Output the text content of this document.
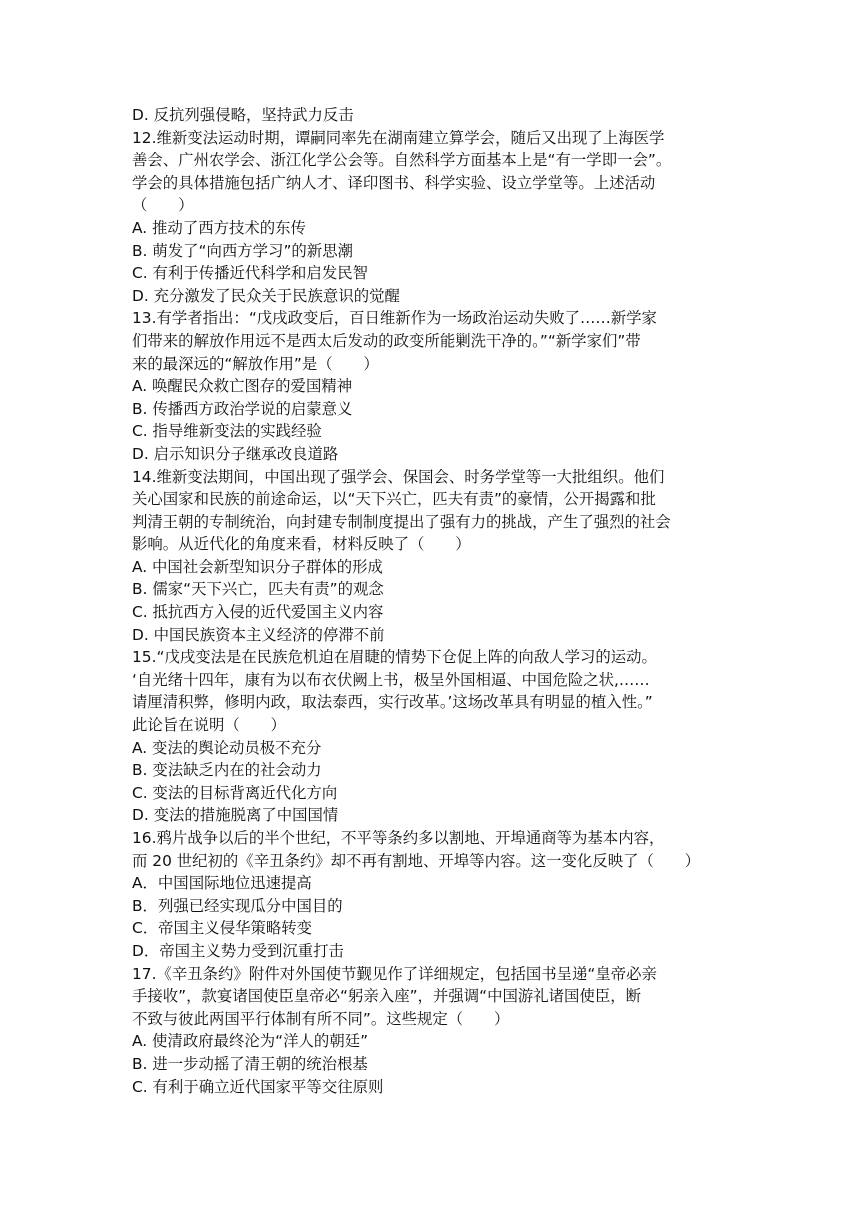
D. 反抗列强侵略，坚持武力反击
12.维新变法运动时期，谭嗣同率先在湖南建立算学会，随后又出现了上海医学
善会、广州农学会、浙江化学公会等。自然科学方面基本上是“有一学即一会”。
学会的具体措施包括广纳人才、译印图书、科学实验、设立学堂等。上述活动
（　　）
A. 推动了西方技术的东传
B. 萌发了“向西方学习”的新思潮
C. 有利于传播近代科学和启发民智
D. 充分激发了民众关于民族意识的觉醒
13.有学者指出：“戊戌政变后，百日维新作为一场政治运动失败了……新学家
们带来的解放作用远不是西太后发动的政变所能剿洗干净的。”“新学家们”带
来的最深远的“解放作用”是（　　）
A. 唤醒民众救亡图存的爱国精神
B. 传播西方政治学说的启蒙意义
C. 指导维新变法的实践经验
D. 启示知识分子继承改良道路
14.维新变法期间，中国出现了强学会、保国会、时务学堂等一大批组织。他们
关心国家和民族的前途命运，以“天下兴亡，匹夫有责”的豪情，公开揭露和批
判清王朝的专制统治，向封建专制制度提出了强有力的挑战，产生了强烈的社会
影响。从近代化的角度来看，材料反映了（　　）
A. 中国社会新型知识分子群体的形成
B. 儒家“天下兴亡，匹夫有责”的观念
C. 抵抗西方入侵的近代爱国主义内容
D. 中国民族资本主义经济的停滞不前
15.“戊戌变法是在民族危机迫在眉睫的情势下仓促上阵的向敌人学习的运动。
‘自光绪十四年，康有为以布衣伏阙上书，极呈外国相逼、中国危险之状,……
请厘清积弊，修明内政，取法泰西，实行改革。’这场改革具有明显的植入性。”
此论旨在说明（　　）
A. 变法的舆论动员极不充分
B. 变法缺乏内在的社会动力
C. 变法的目标背离近代化方向
D. 变法的措施脱离了中国国情
16.鸦片战争以后的半个世纪，不平等条约多以割地、开埠通商等为基本内容，
而 20 世纪初的《辛丑条约》却不再有割地、开埠等内容。这一变化反映了（　　）
A．中国国际地位迅速提高
B．列强已经实现瓜分中国目的
C．帝国主义侵华策略转变
D．帝国主义势力受到沉重打击
17.《辛丑条约》附件对外国使节觐见作了详细规定，包括国书呈递“皇帝必亲
手接收”，款宴诸国使臣皇帝必“躬亲入座”，并强调“中国游礼诸国使臣，断
不致与彼此两国平行体制有所不同”。这些规定（　　）
A. 使清政府最终沦为“洋人的朝廷”
B. 进一步动摇了清王朝的统治根基
C. 有利于确立近代国家平等交往原则
